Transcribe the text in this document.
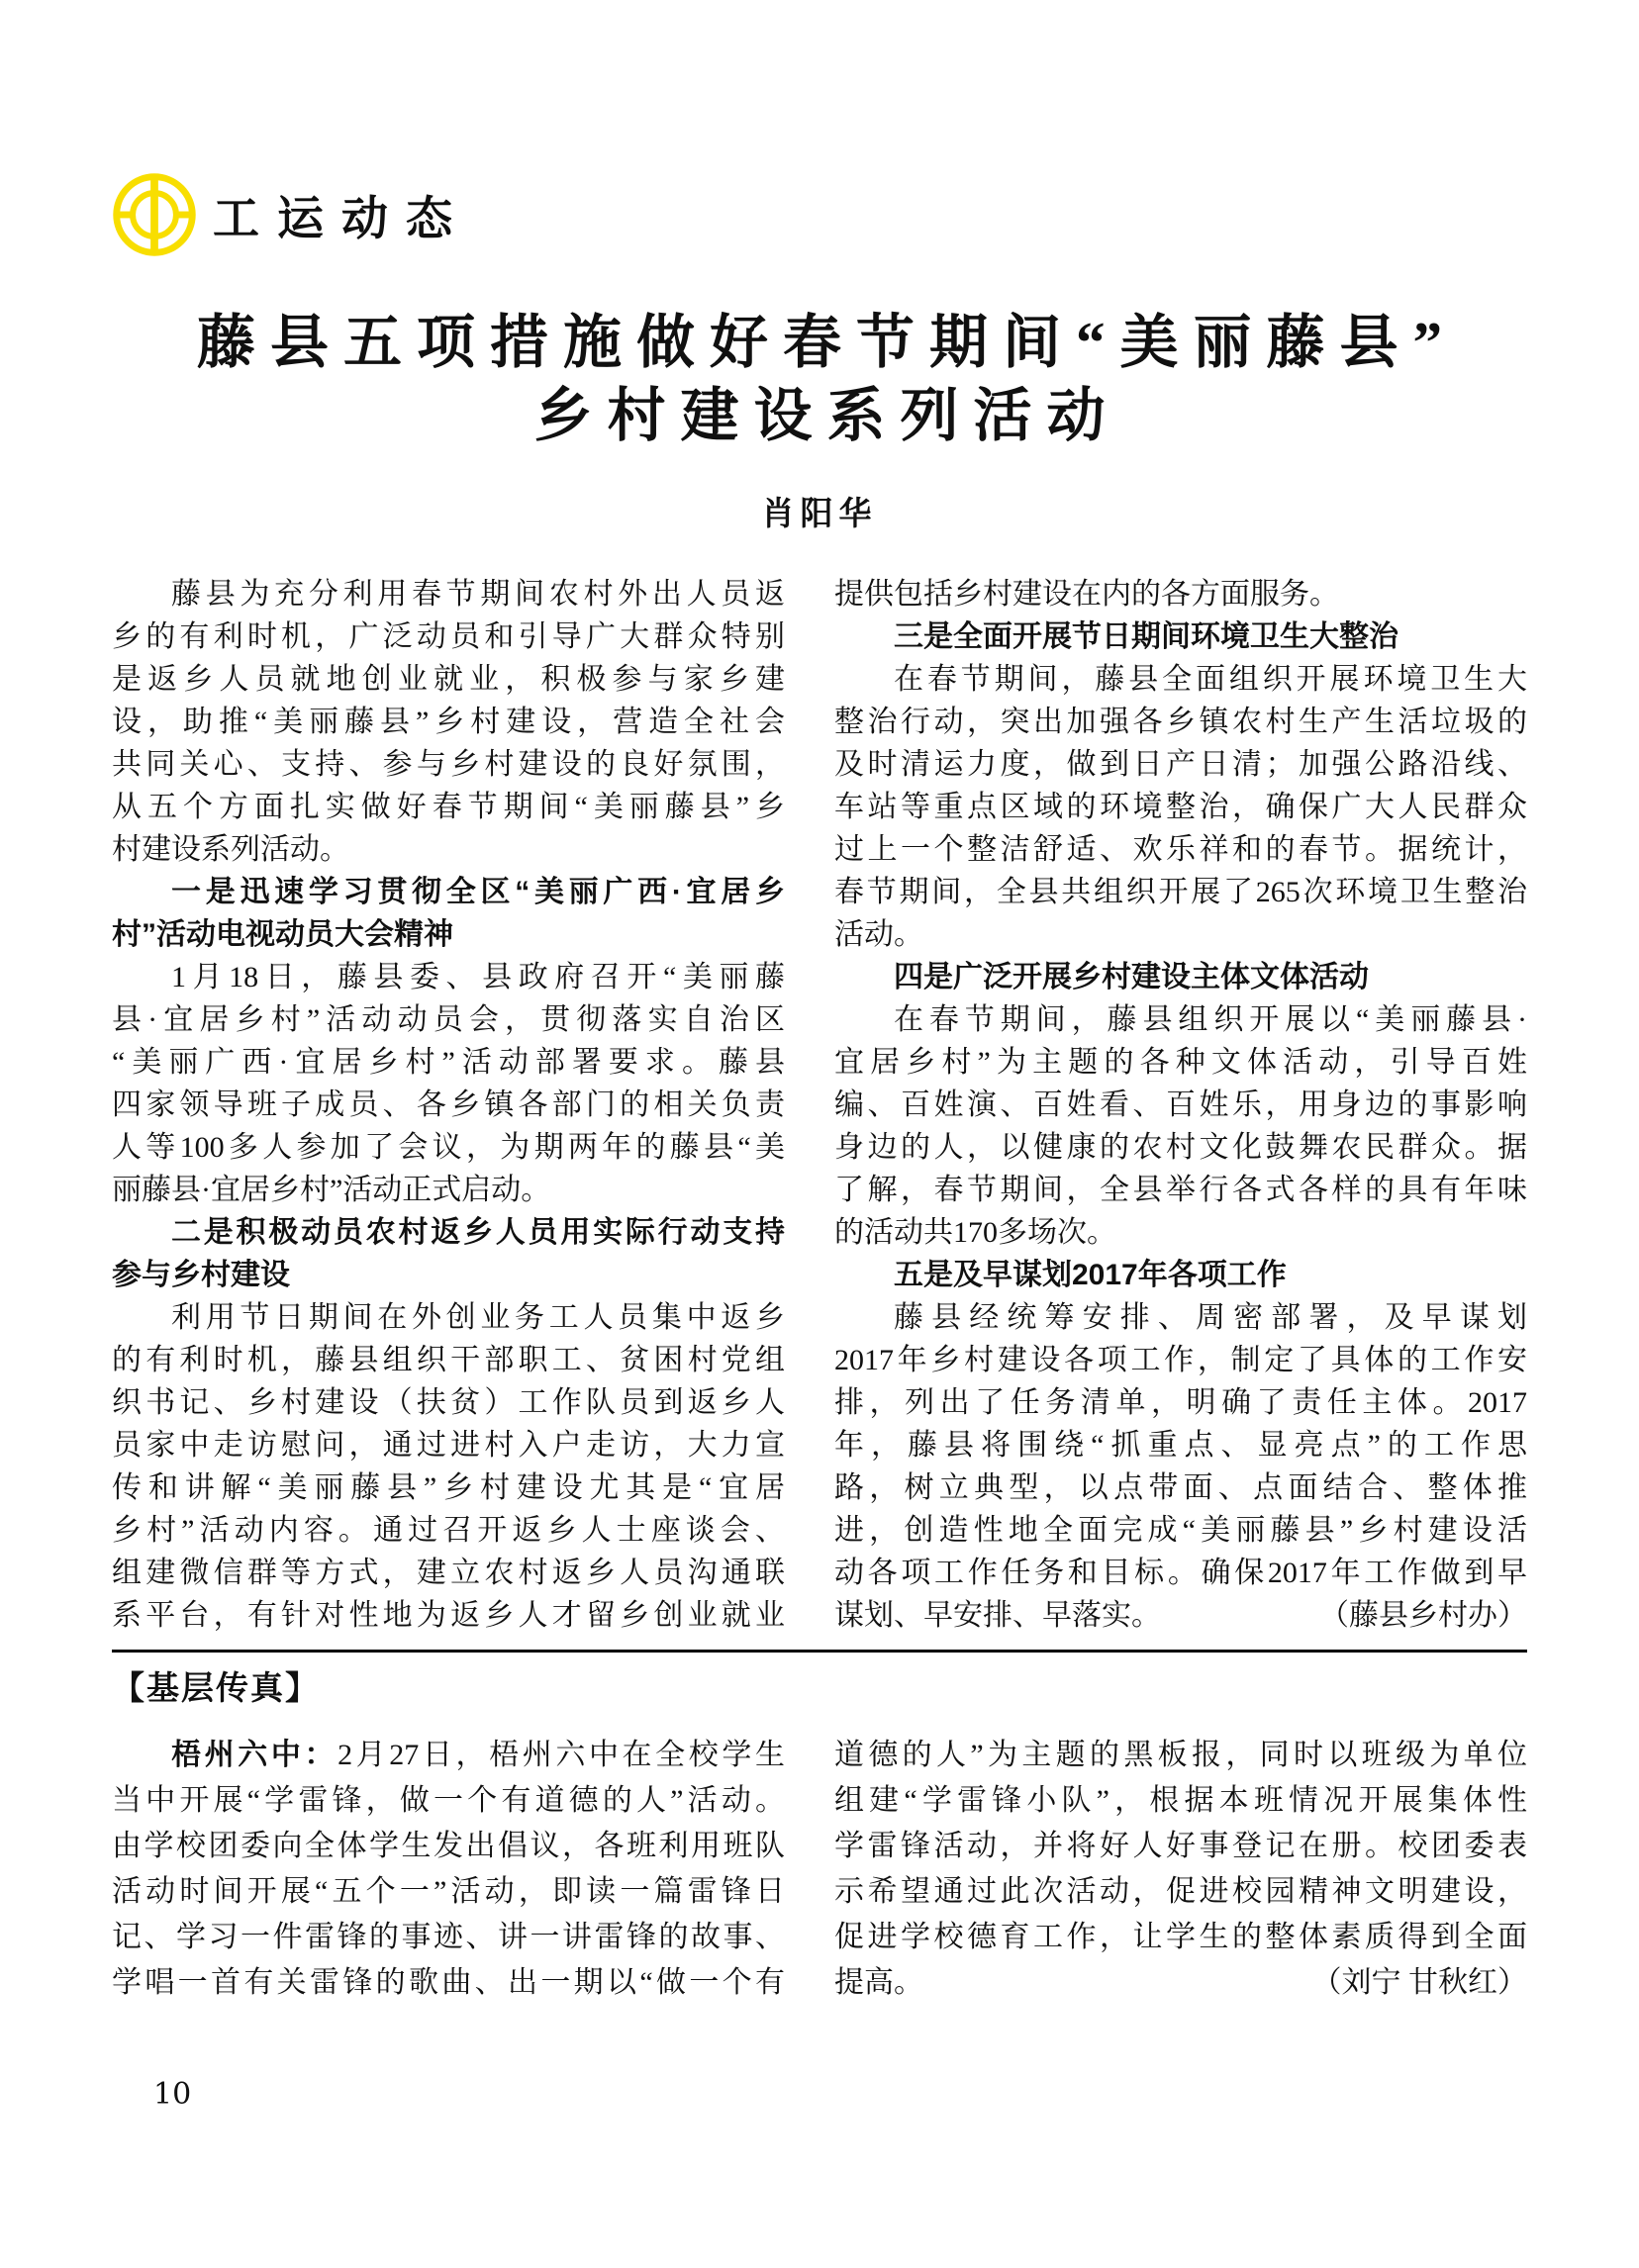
工运动态
藤县五项措施做好春节期间“美丽藤县”
乡村建设系列活动
肖阳华
藤县为充分利用春节期间农村外出人员返
乡的有利时机，广泛动员和引导广大群众特别
是返乡人员就地创业就业，积极参与家乡建
设，助推“美丽藤县”乡村建设，营造全社会
共同关心、支持、参与乡村建设的良好氛围，
从五个方面扎实做好春节期间“美丽藤县”乡
村建设系列活动。
一是迅速学习贯彻全区“美丽广西·宜居乡
村”活动电视动员大会精神
1月18日，藤县委、县政府召开“美丽藤
县·宜居乡村”活动动员会，贯彻落实自治区
“美丽广西·宜居乡村”活动部署要求。藤县
四家领导班子成员、各乡镇各部门的相关负责
人等100多人参加了会议，为期两年的藤县“美
丽藤县·宜居乡村”活动正式启动。
二是积极动员农村返乡人员用实际行动支持
参与乡村建设
利用节日期间在外创业务工人员集中返乡
的有利时机，藤县组织干部职工、贫困村党组
织书记、乡村建设（扶贫）工作队员到返乡人
员家中走访慰问，通过进村入户走访，大力宣
传和讲解“美丽藤县”乡村建设尤其是“宜居
乡村”活动内容。通过召开返乡人士座谈会、
组建微信群等方式，建立农村返乡人员沟通联
系平台，有针对性地为返乡人才留乡创业就业
提供包括乡村建设在内的各方面服务。
三是全面开展节日期间环境卫生大整治
在春节期间，藤县全面组织开展环境卫生大
整治行动，突出加强各乡镇农村生产生活垃圾的
及时清运力度，做到日产日清；加强公路沿线、
车站等重点区域的环境整治，确保广大人民群众
过上一个整洁舒适、欢乐祥和的春节。据统计，
春节期间，全县共组织开展了265次环境卫生整治
活动。
四是广泛开展乡村建设主体文体活动
在春节期间，藤县组织开展以“美丽藤县·
宜居乡村”为主题的各种文体活动，引导百姓
编、百姓演、百姓看、百姓乐，用身边的事影响
身边的人，以健康的农村文化鼓舞农民群众。据
了解，春节期间，全县举行各式各样的具有年味
的活动共170多场次。
五是及早谋划2017年各项工作
藤县经统筹安排、周密部署，及早谋划
2017年乡村建设各项工作，制定了具体的工作安
排，列出了任务清单，明确了责任主体。2017
年，藤县将围绕“抓重点、显亮点”的工作思
路，树立典型，以点带面、点面结合、整体推
进，创造性地全面完成“美丽藤县”乡村建设活
动各项工作任务和目标。确保2017年工作做到早
谋划、早安排、早落实。	（藤县乡村办）
【基层传真】
梧州六中：2月27日，梧州六中在全校学生
当中开展“学雷锋，做一个有道德的人”活动。
由学校团委向全体学生发出倡议，各班利用班队
活动时间开展“五个一”活动，即读一篇雷锋日
记、学习一件雷锋的事迹、讲一讲雷锋的故事、
学唱一首有关雷锋的歌曲、出一期以“做一个有
道德的人”为主题的黑板报，同时以班级为单位
组建“学雷锋小队”，根据本班情况开展集体性
学雷锋活动，并将好人好事登记在册。校团委表
示希望通过此次活动，促进校园精神文明建设，
促进学校德育工作，让学生的整体素质得到全面
提高。	（刘宁 甘秋红）
10
